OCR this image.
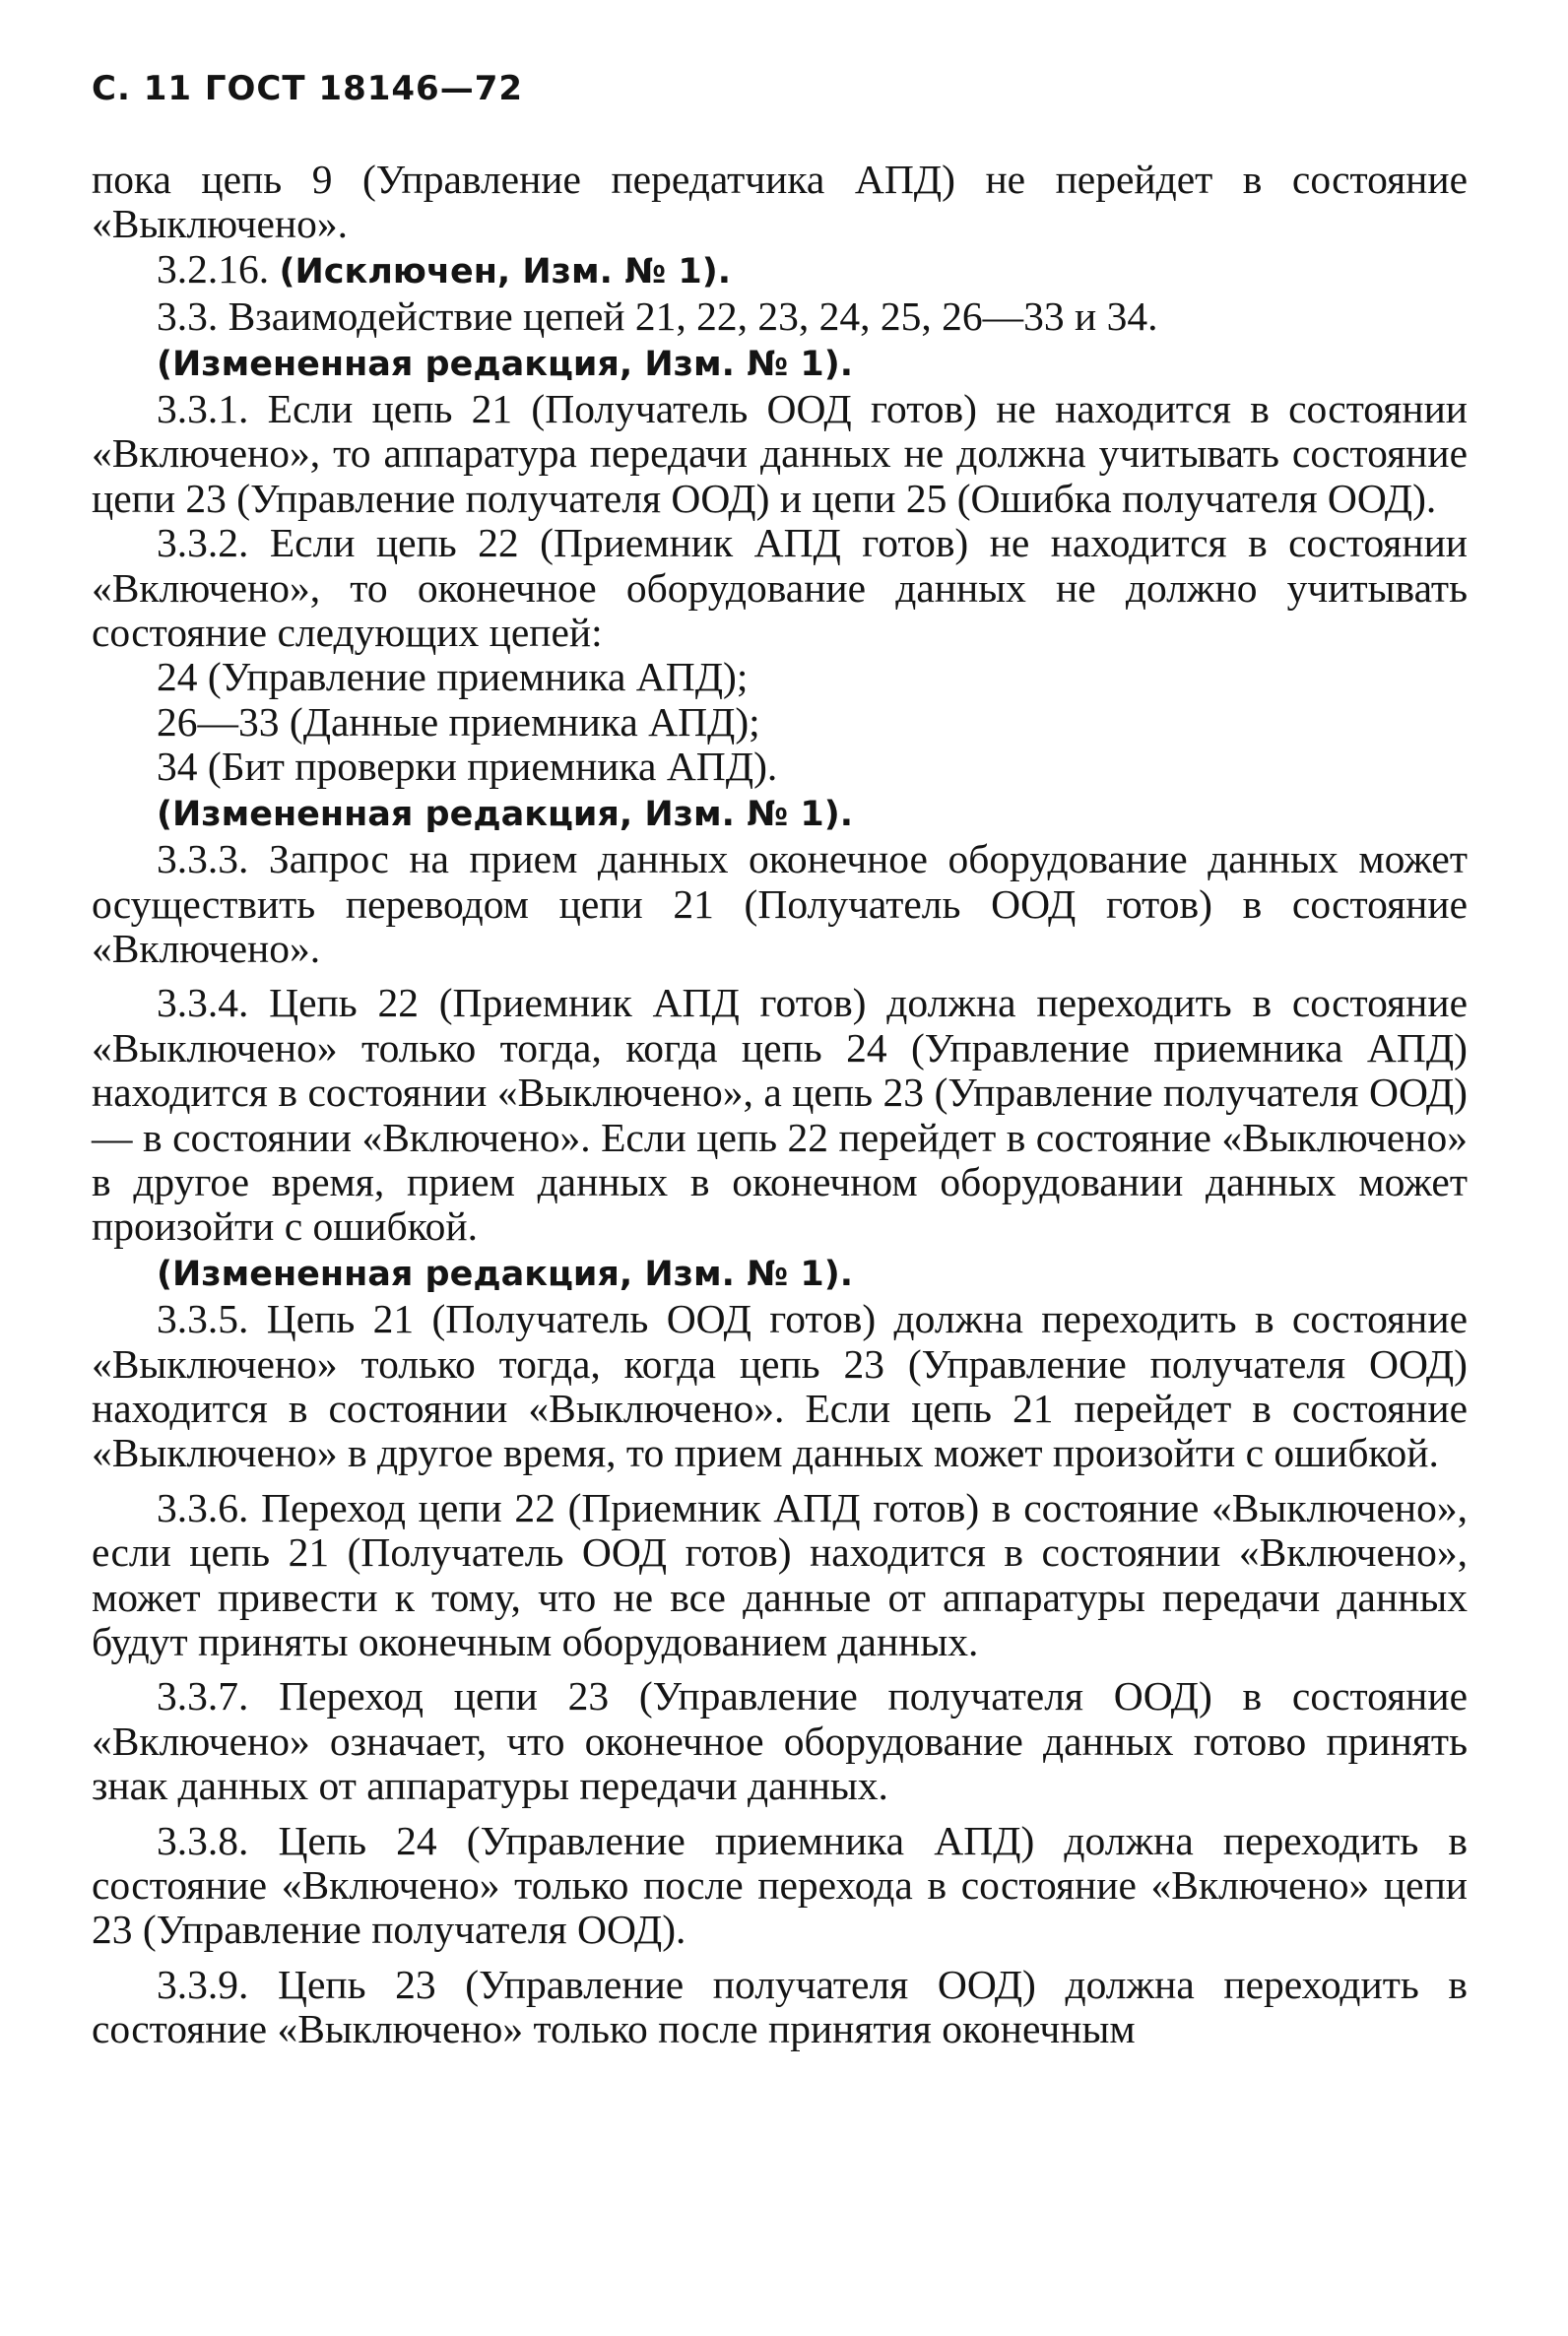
С. 11 ГОСТ 18146—72

пока цепь 9 (Управление передатчика АПД) не перейдет в состояние «Выключено».

3.2.16. (Исключен, Изм. № 1).

3.3. Взаимодействие цепей 21, 22, 23, 24, 25, 26—33 и 34.

(Измененная редакция, Изм. № 1).

3.3.1. Если цепь 21 (Получатель ООД готов) не находится в состоянии «Включено», то аппаратура передачи данных не должна учитывать состояние цепи 23 (Управление получателя ООД) и цепи 25 (Ошибка получателя ООД).

3.3.2. Если цепь 22 (Приемник АПД готов) не находится в состоянии «Включено», то оконечное оборудование данных не должно учитывать состояние следующих цепей:

24 (Управление приемника АПД);

26—33 (Данные приемника АПД);

34 (Бит проверки приемника АПД).

(Измененная редакция, Изм. № 1).

3.3.3. Запрос на прием данных оконечное оборудование данных может осуществить переводом цепи 21 (Получатель ООД готов) в состояние «Включено».

3.3.4. Цепь 22 (Приемник АПД готов) должна переходить в состояние «Выключено» только тогда, когда цепь 24 (Управление приемника АПД) находится в состоянии «Выключено», а цепь 23 (Управление получателя ООД) — в состоянии «Включено». Если цепь 22 перейдет в состояние «Выключено» в другое время, прием данных в оконечном оборудовании данных может произойти с ошибкой.

(Измененная редакция, Изм. № 1).

3.3.5. Цепь 21 (Получатель ООД готов) должна переходить в состояние «Выключено» только тогда, когда цепь 23 (Управление получателя ООД) находится в состоянии «Выключено». Если цепь 21 перейдет в состояние «Выключено» в другое время, то прием данных может произойти с ошибкой.

3.3.6. Переход цепи 22 (Приемник АПД готов) в состояние «Выключено», если цепь 21 (Получатель ООД готов) находится в состоянии «Включено», может привести к тому, что не все данные от аппаратуры передачи данных будут приняты оконечным оборудованием данных.

3.3.7. Переход цепи 23 (Управление получателя ООД) в состояние «Включено» означает, что оконечное оборудование данных готово принять знак данных от аппаратуры передачи данных.

3.3.8. Цепь 24 (Управление приемника АПД) должна переходить в состояние «Включено» только после перехода в состояние «Включено» цепи 23 (Управление получателя ООД).

3.3.9. Цепь 23 (Управление получателя ООД) должна переходить в состояние «Выключено» только после принятия оконечным
